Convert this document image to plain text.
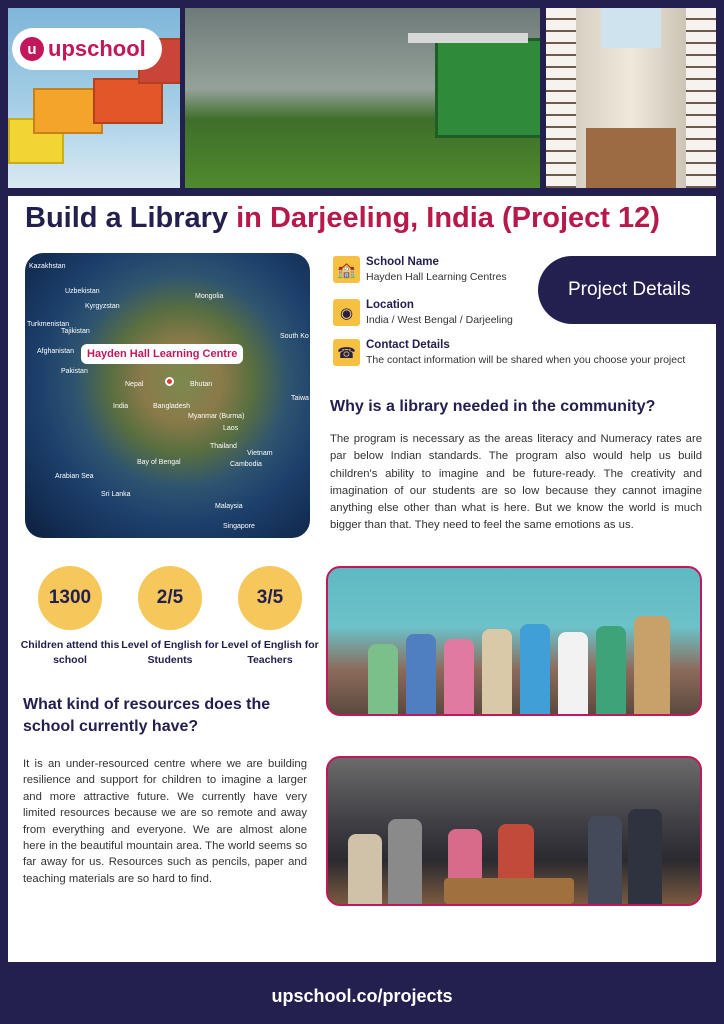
u upschool
Build a Library in Darjeeling, India (Project 12)
Kazakhstan
Mongolia
Uzbekistan
Kyrgyzstan
Turkmenistan
Tajikistan
Afghanistan
Pakistan
Nepal	Bhutan
India	Bangladesh
Myanmar (Burma)
Laos
Thailand
Vietnam
Cambodia
Sri Lanka
Malaysia
Singapore
Bay of Bengal
Arabian Sea
South Ko
Taiwa
Hayden Hall Learning Centre
🏫 School Name
Hayden Hall Learning Centres
◉	Location
India / West Bengal / Darjeeling
☎ Contact Details
The contact information will be shared when you choose your project
Project Details
Why is a library needed in the community?

The program is necessary as the areas literacy and Numeracy rates are par below Indian standards. The program also would help us build children's ability to imagine and be future-ready. The creativity and imagination of our students are so low because they cannot imagine anything else other than what is here. But we know the world is much bigger than that. They need to feel the same emotions as us.

1300
Children attend this school
2/5
Level of English for Students
3/5
Level of English for Teachers
What kind of resources does the school currently have?

It is an under-resourced centre where we are building resilience and support for children to imagine a larger and more attractive future. We currently have very limited resources because we are so remote and away from everything and everyone. We are almost alone here in the beautiful mountain area. The world seems so far away for us. Resources such as pencils, paper and teaching materials are so hard to find.

upschool.co/projects
